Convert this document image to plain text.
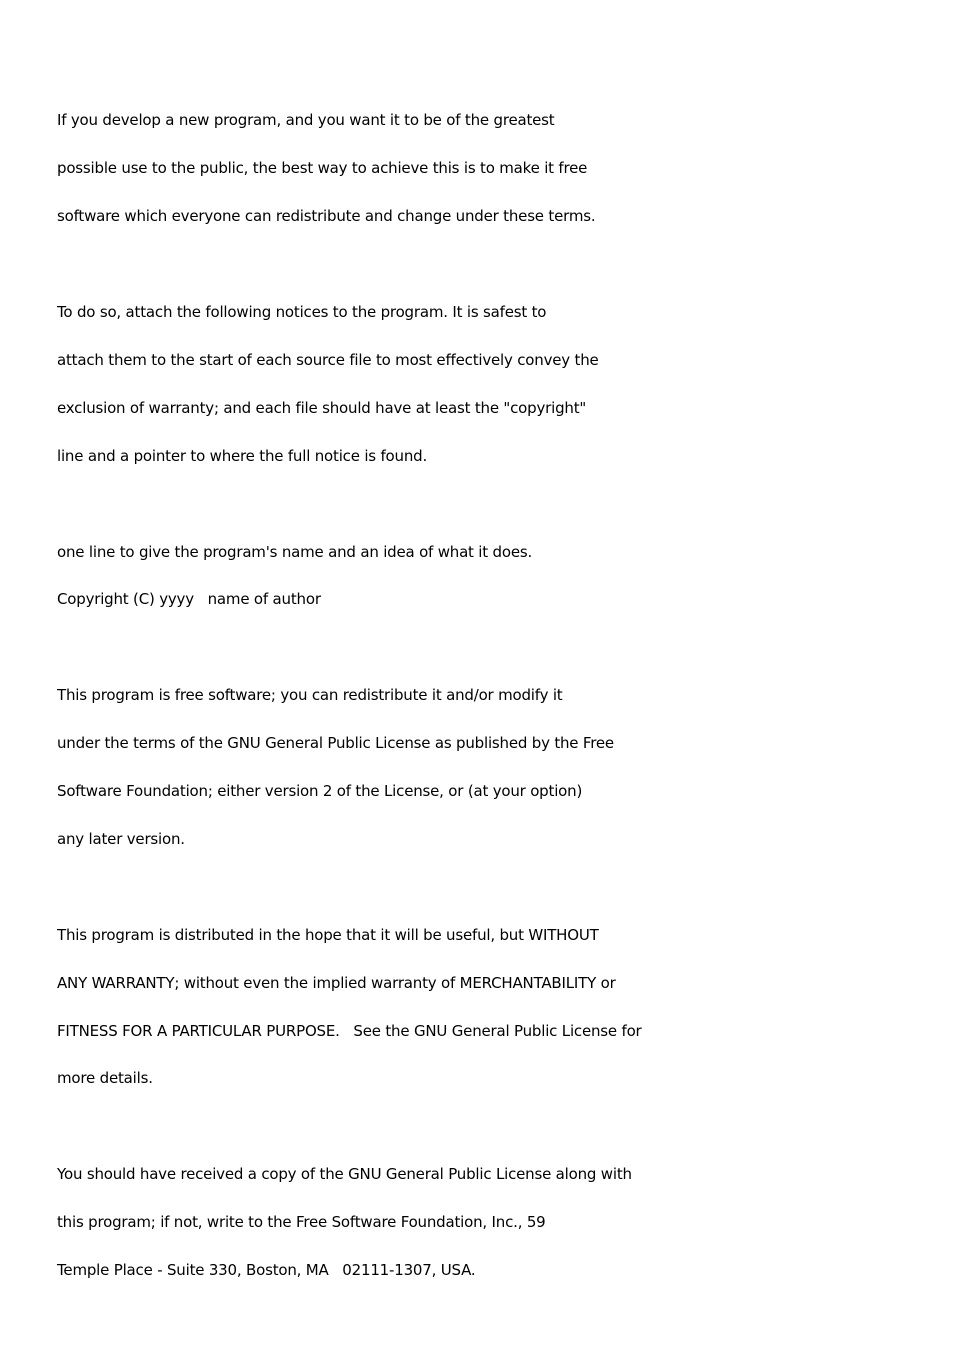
If you develop a new program, and you want it to be of the greatest
possible use to the public, the best way to achieve this is to make it free
software which everyone can redistribute and change under these terms.
To do so, attach the following notices to the program. It is safest to
attach them to the start of each source file to most effectively convey the
exclusion of warranty; and each file should have at least the "copyright"
line and a pointer to where the full notice is found.
one line to give the program's name and an idea of what it does.
Copyright (C) yyyy   name of author
This program is free software; you can redistribute it and/or modify it
under the terms of the GNU General Public License as published by the Free
Software Foundation; either version 2 of the License, or (at your option)
any later version.
This program is distributed in the hope that it will be useful, but WITHOUT
ANY WARRANTY; without even the implied warranty of MERCHANTABILITY or
FITNESS FOR A PARTICULAR PURPOSE.   See the GNU General Public License for
more details.
You should have received a copy of the GNU General Public License along with
this program; if not, write to the Free Software Foundation, Inc., 59
Temple Place - Suite 330, Boston, MA   02111-1307, USA.
